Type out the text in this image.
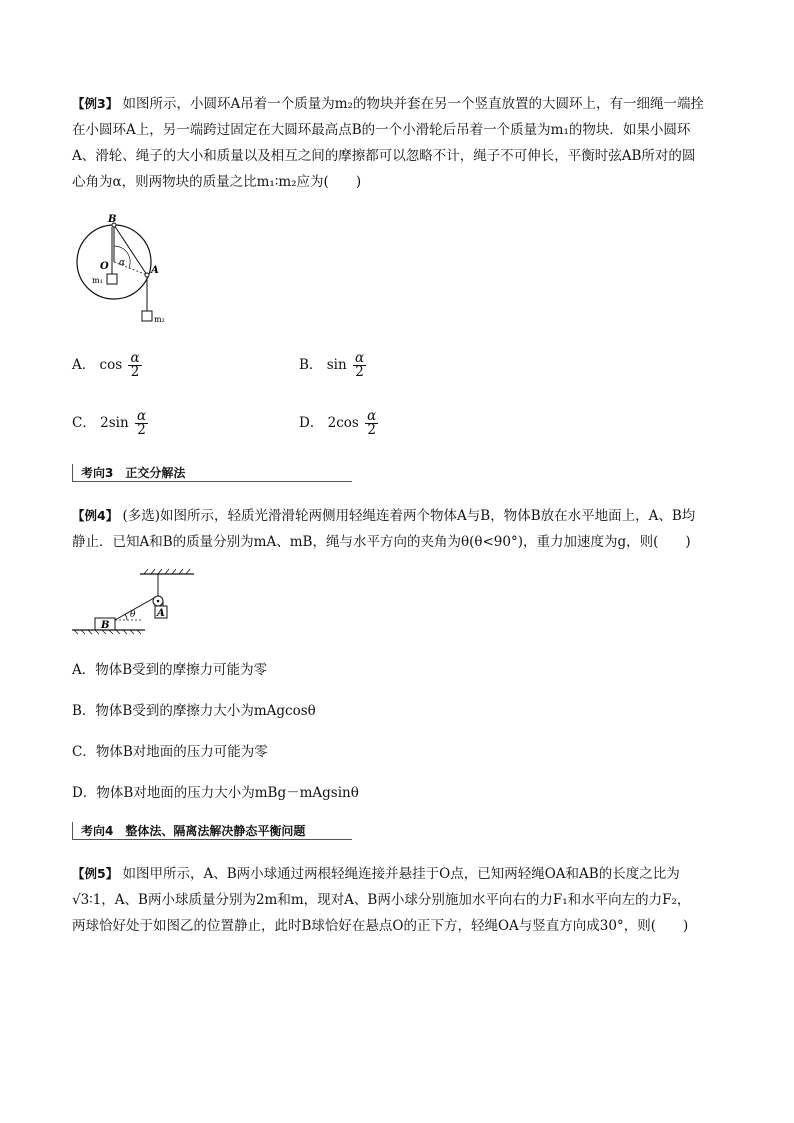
【例3】 如图所示，小圆环A吊着一个质量为m₂的物块并套在另一个竖直放置的大圆环上，有一细绳一端拴
在小圆环A上，另一端跨过固定在大圆环最高点B的一个小滑轮后吊着一个质量为m₁的物块．如果小圆环
A、滑轮、绳子的大小和质量以及相互之间的摩擦都可以忽略不计，绳子不可伸长，平衡时弦AB所对的圆
心角为α，则两物块的质量之比m₁∶m₂应为(　　)
B
O α
A
m₁
m₂
A． $\cos \frac{\alpha}{2}$	B． $\sin \frac{\alpha}{2}$
C． $2\sin \frac{\alpha}{2}$	D． $2\cos \frac{\alpha}{2}$
考向3　正交分解法
【例4】 (多选)如图所示，轻质光滑滑轮两侧用轻绳连着两个物体A与B，物体B放在水平地面上，A、B均
静止．已知A和B的质量分别为mA、mB，绳与水平方向的夹角为θ(θ<90°)，重力加速度为g，则(　　)
B
A
θ
A．物体B受到的摩擦力可能为零
B．物体B受到的摩擦力大小为mAgcosθ
C．物体B对地面的压力可能为零
D．物体B对地面的压力大小为mBg－mAgsinθ
考向4　整体法、隔离法解决静态平衡问题
【例5】 如图甲所示，A、B两小球通过两根轻绳连接并悬挂于O点，已知两轻绳OA和AB的长度之比为
√3∶1，A、B两小球质量分别为2m和m，现对A、B两小球分别施加水平向右的力F₁和水平向左的力F₂，
两球恰好处于如图乙的位置静止，此时B球恰好在悬点O的正下方，轻绳OA与竖直方向成30°，则(　　)
